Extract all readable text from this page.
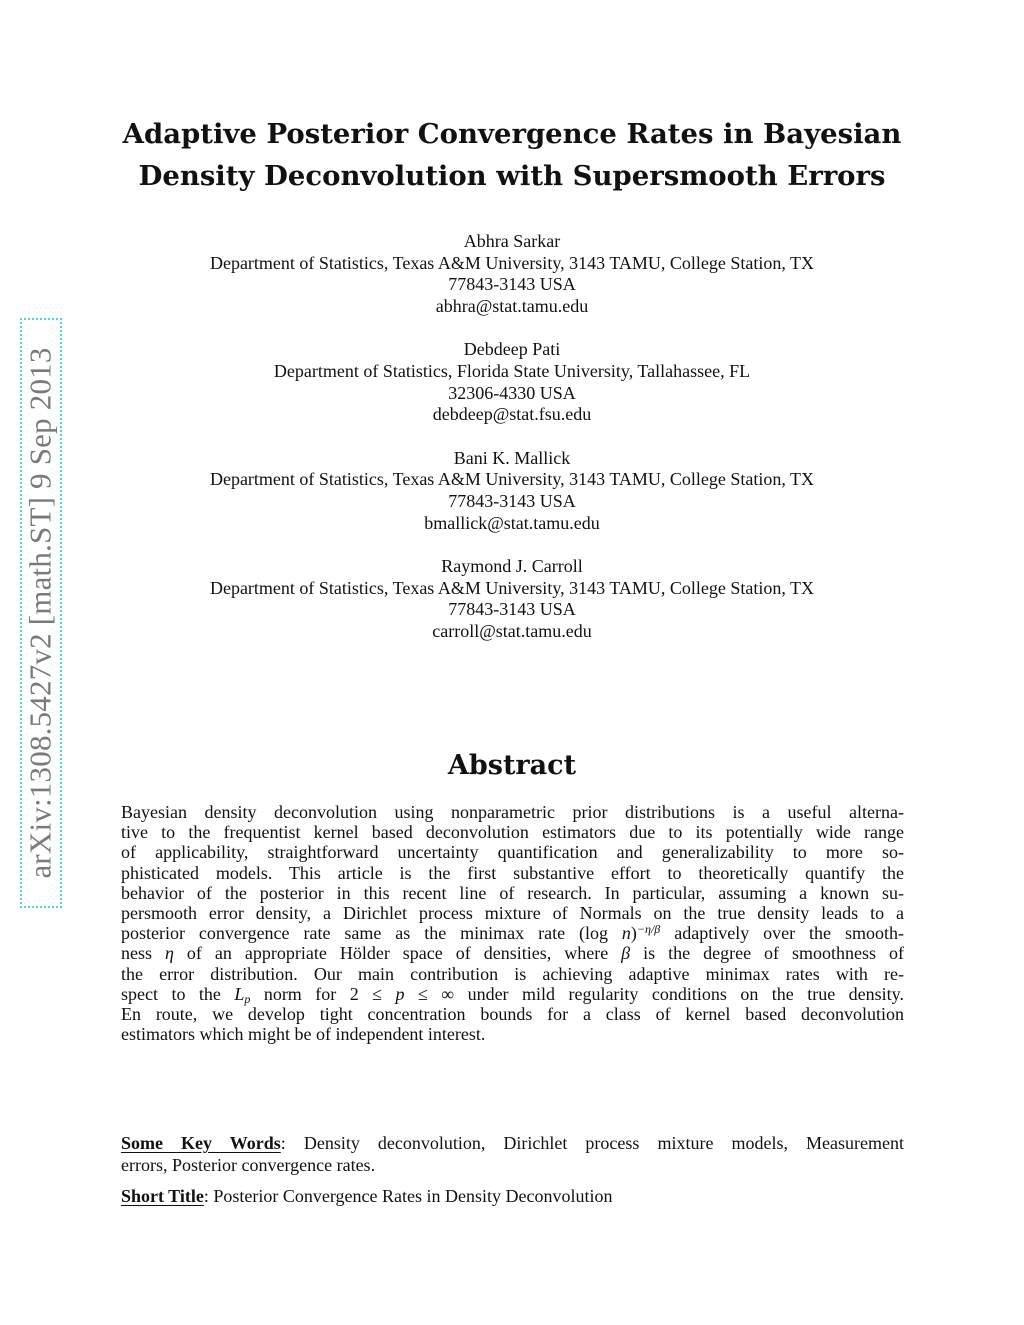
arXiv:1308.5427v2 [math.ST] 9 Sep 2013
Adaptive Posterior Convergence Rates in Bayesian
Density Deconvolution with Supersmooth Errors
Abhra Sarkar
Department of Statistics, Texas A&M University, 3143 TAMU, College Station, TX
77843-3143 USA
abhra@stat.tamu.edu
Debdeep Pati
Department of Statistics, Florida State University, Tallahassee, FL
32306-4330 USA
debdeep@stat.fsu.edu
Bani K. Mallick
Department of Statistics, Texas A&M University, 3143 TAMU, College Station, TX
77843-3143 USA
bmallick@stat.tamu.edu
Raymond J. Carroll
Department of Statistics, Texas A&M University, 3143 TAMU, College Station, TX
77843-3143 USA
carroll@stat.tamu.edu
Abstract
Bayesian density deconvolution using nonparametric prior distributions is a useful alterna-
tive to the frequentist kernel based deconvolution estimators due to its potentially wide range
of applicability, straightforward uncertainty quantification and generalizability to more so-
phisticated models. This article is the first substantive effort to theoretically quantify the
behavior of the posterior in this recent line of research. In particular, assuming a known su-
persmooth error density, a Dirichlet process mixture of Normals on the true density leads to a
posterior convergence rate same as the minimax rate (log n)$^{-\eta/\beta}$ adaptively over the smooth-
ness η of an appropriate Hölder space of densities, where β is the degree of smoothness of
the error distribution. Our main contribution is achieving adaptive minimax rates with re-
spect to the $L_p$ norm for 2 ≤ p ≤ ∞ under mild regularity conditions on the true density.
En route, we develop tight concentration bounds for a class of kernel based deconvolution
estimators which might be of independent interest.
Some Key Words: Density deconvolution, Dirichlet process mixture models, Measurement
errors, Posterior convergence rates.
Short Title: Posterior Convergence Rates in Density Deconvolution
